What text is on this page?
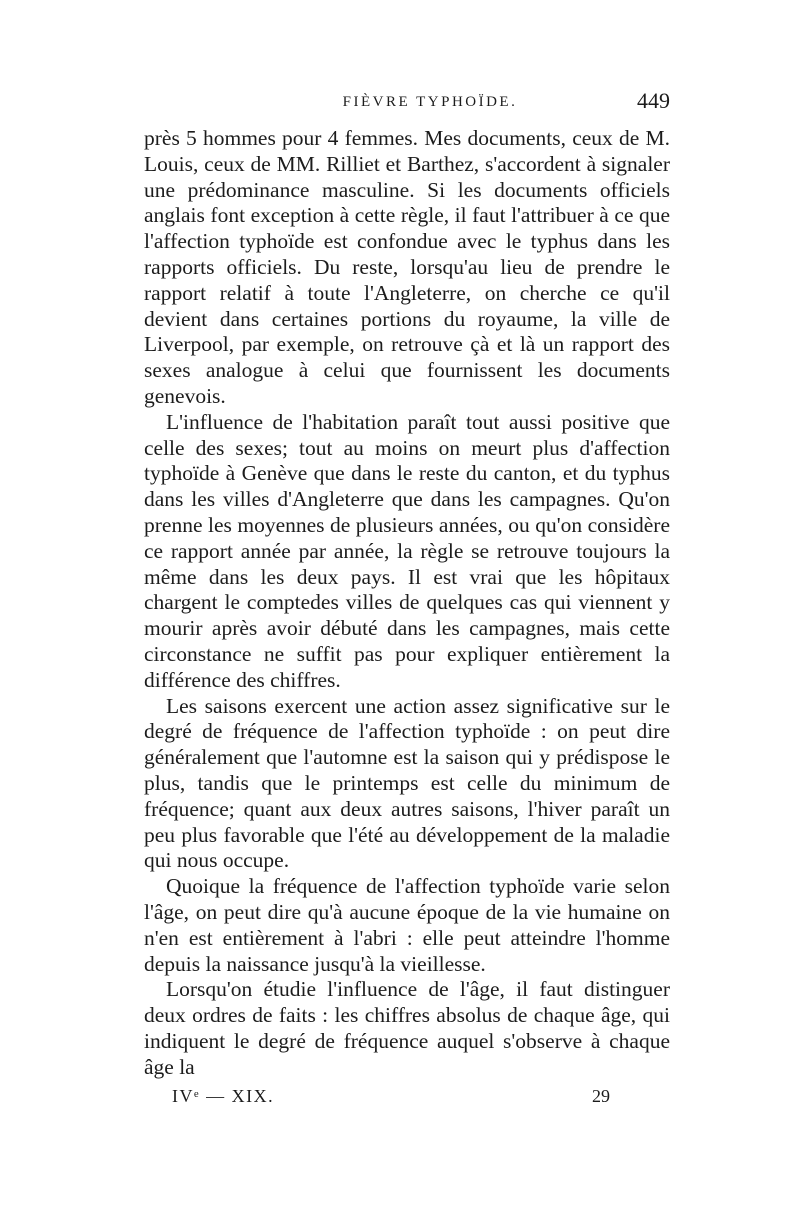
FIÈVRE TYPHOÏDE.	449

près 5 hommes pour 4 femmes. Mes documents, ceux de M. Louis, ceux de MM. Rilliet et Barthez, s'accordent à signaler une prédominance masculine. Si les documents officiels anglais font exception à cette règle, il faut l'attribuer à ce que l'affection typhoïde est confondue avec le typhus dans les rapports officiels. Du reste, lorsqu'au lieu de prendre le rapport relatif à toute l'Angleterre, on cherche ce qu'il devient dans certaines portions du royaume, la ville de Liverpool, par exemple, on retrouve çà et là un rapport des sexes analogue à celui que fournissent les documents genevois.

L'influence de l'habitation paraît tout aussi positive que celle des sexes; tout au moins on meurt plus d'affection typhoïde à Genève que dans le reste du canton, et du typhus dans les villes d'Angleterre que dans les campagnes. Qu'on prenne les moyennes de plusieurs années, ou qu'on considère ce rapport année par année, la règle se retrouve toujours la même dans les deux pays. Il est vrai que les hôpitaux chargent le comptedes villes de quelques cas qui viennent y mourir après avoir débuté dans les campagnes, mais cette circonstance ne suffit pas pour expliquer entièrement la différence des chiffres.

Les saisons exercent une action assez significative sur le degré de fréquence de l'affection typhoïde : on peut dire généralement que l'automne est la saison qui y prédispose le plus, tandis que le printemps est celle du minimum de fréquence; quant aux deux autres saisons, l'hiver paraît un peu plus favorable que l'été au développement de la maladie qui nous occupe.

Quoique la fréquence de l'affection typhoïde varie selon l'âge, on peut dire qu'à aucune époque de la vie humaine on n'en est entièrement à l'abri : elle peut atteindre l'homme depuis la naissance jusqu'à la vieillesse.

Lorsqu'on étudie l'influence de l'âge, il faut distinguer deux ordres de faits : les chiffres absolus de chaque âge, qui indiquent le degré de fréquence auquel s'observe à chaque âge la

IVᵉ — XIX.	29
